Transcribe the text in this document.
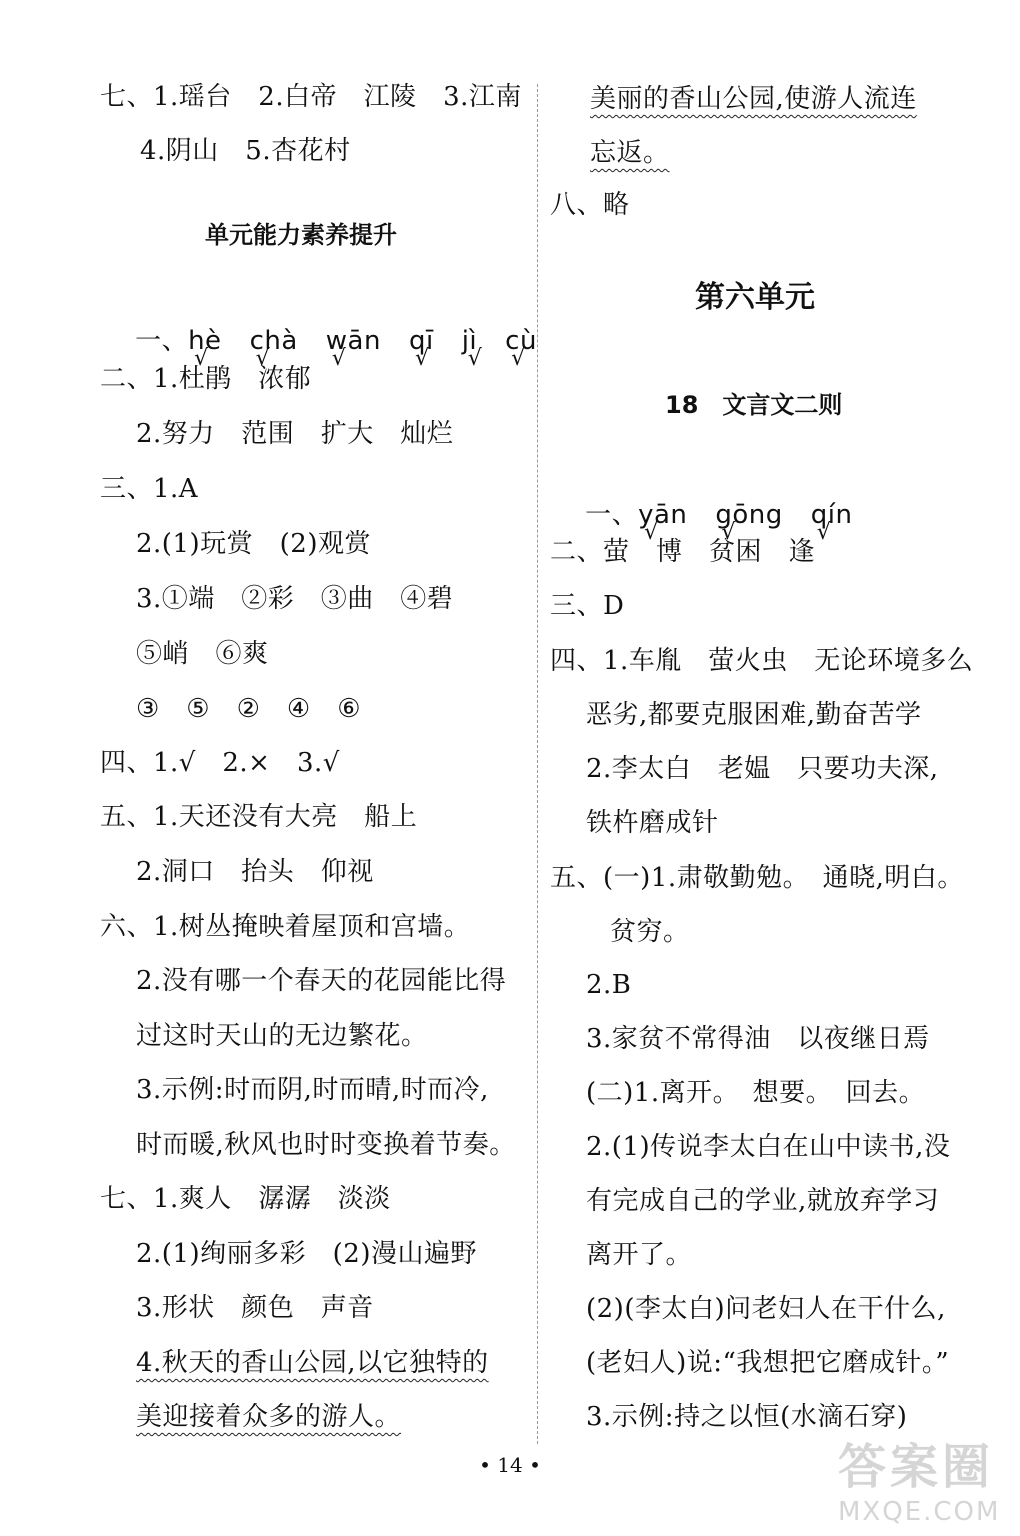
七、1.瑶台　2.白帝　江陵　3.江南
4.阴山　5.杏花村
单元能力素养提升

一、hè √ chà √ wān √ qī √ jì √ cù √

二、1.杜鹃　浓郁
2.努力　范围　扩大　灿烂
三、1.A
2.(1)玩赏　(2)观赏
3.①端　②彩　③曲　④碧
⑤峭　⑥爽
③　⑤　②　④　⑥
四、1.√　2.×　3.√
五、1.天还没有大亮　船上
2.洞口　抬头　仰视
六、1.树丛掩映着屋顶和宫墙。
2.没有哪一个春天的花园能比得
过这时天山的无边繁花。
3.示例:时而阴,时而晴,时而冷,
时而暖,秋风也时时变换着节奏。
七、1.爽人　潺潺　淡淡
2.(1)绚丽多彩　(2)漫山遍野
3.形状　颜色　声音
4.秋天的香山公园,以它独特的
美迎接着众多的游人。
美丽的香山公园,使游人流连
忘返。
八、略
第六单元
18　文言文二则

一、yān √ gōng √ qín √

二、萤　博　贫困　逢
三、D
四、1.车胤　萤火虫　无论环境多么
恶劣,都要克服困难,勤奋苦学
2.李太白　老媪　只要功夫深,
铁杵磨成针
五、(一)1.肃敬勤勉。　通晓,明白。
贫穷。
2.B
3.家贫不常得油　以夜继日焉
(二)1.离开。　想要。　回去。
2.(1)传说李太白在山中读书,没
有完成自己的学业,就放弃学习
离开了。
(2)(李太白)问老妇人在干什么,
(老妇人)说:“我想把它磨成针。”
3.示例:持之以恒(水滴石穿)
• 14 •	答案圈
MXQE.COM
